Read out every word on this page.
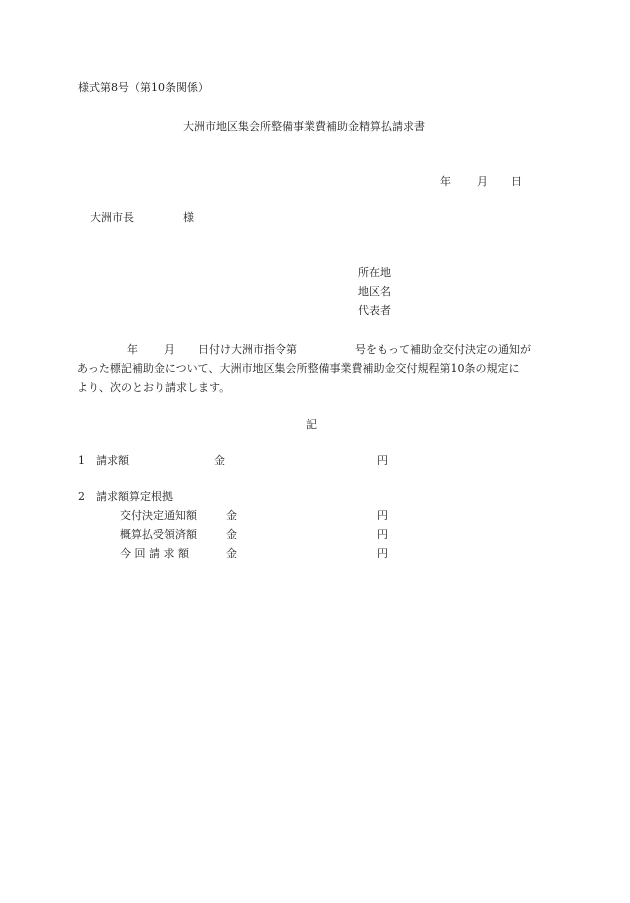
様式第8号（第10条関係）
大洲市地区集会所整備事業費補助金精算払請求書
年 月 日
大洲市長	様
所在地
地区名
代表者
年 月 日付け大洲市指令第	号をもって補助金交付決定の通知が
あった標記補助金について、大洲市地区集会所整備事業費補助金交付規程第10条の規定に
より、次のとおり請求します。
記
1 請求額	金	円
2 請求額算定根拠
交付決定通知額	金	円
概算払受領済額	金	円
今 回 請 求 額	金	円
